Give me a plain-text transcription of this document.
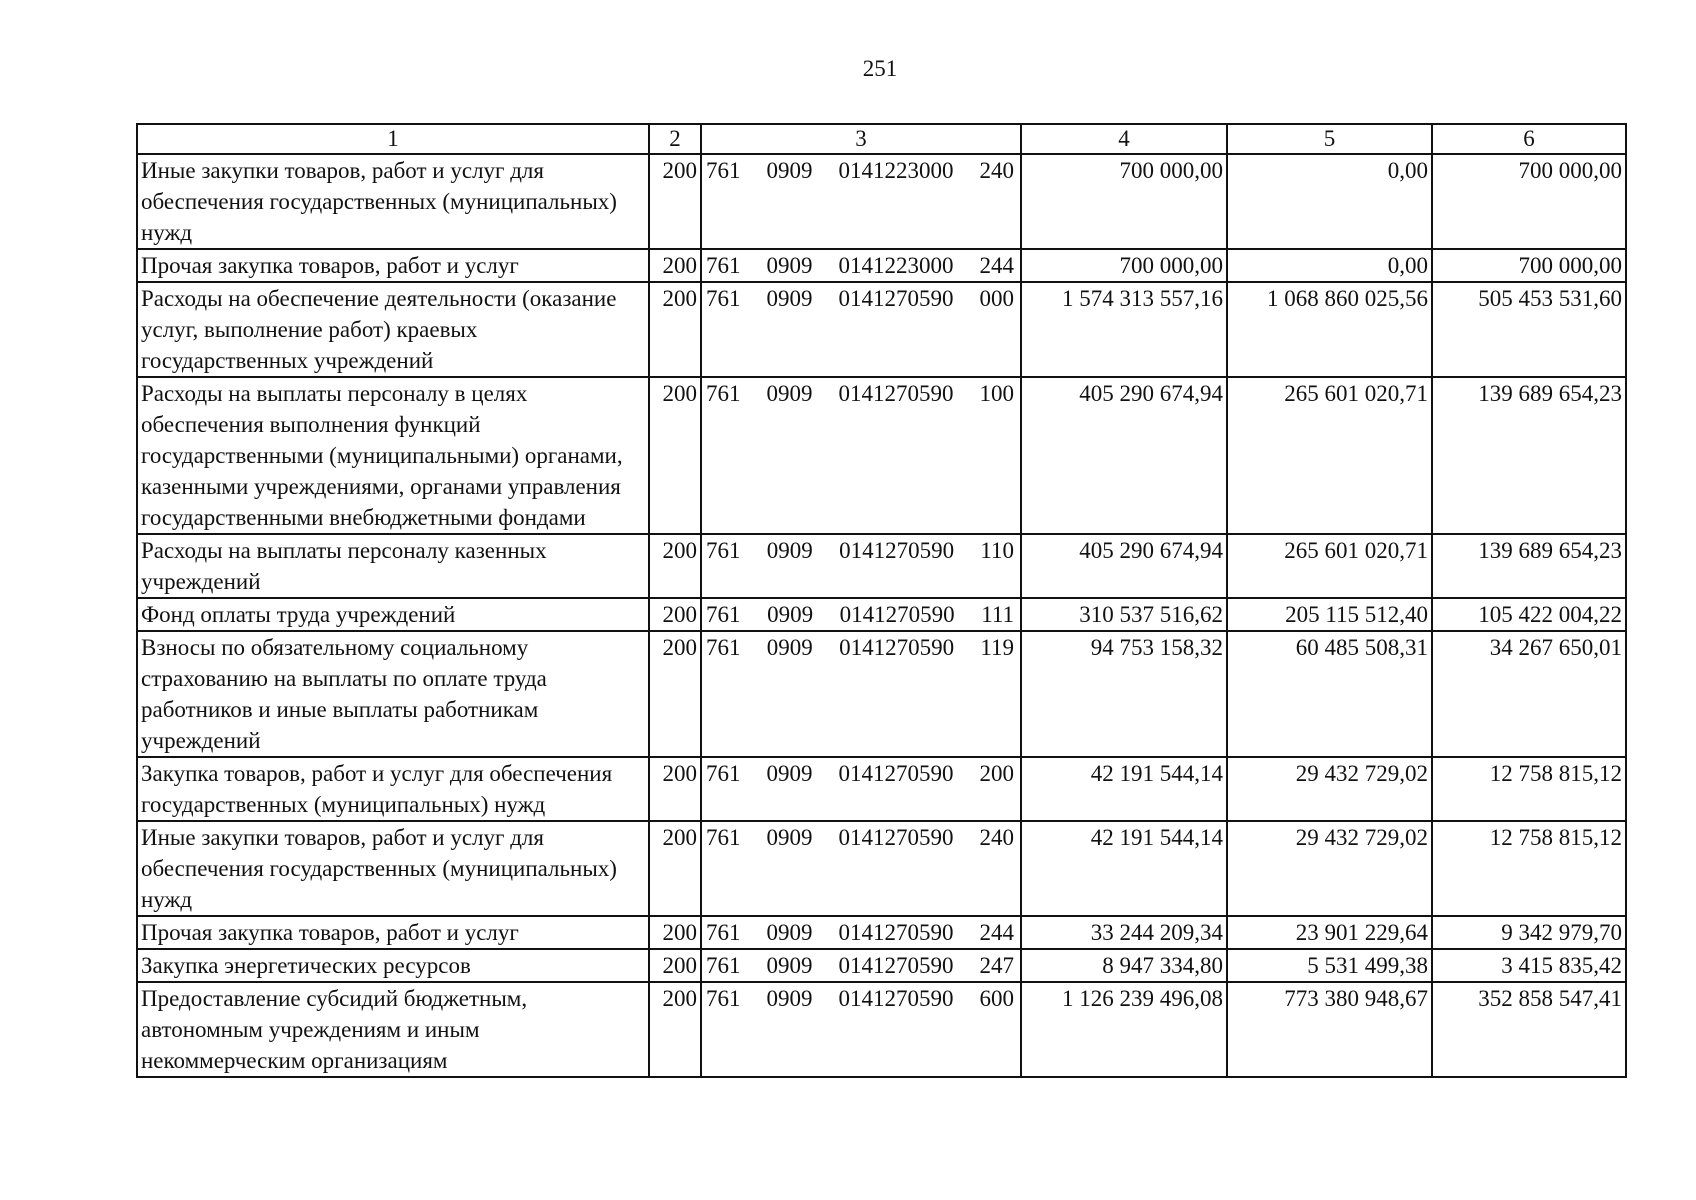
251
1	2	3	4	5	6
Иные закупки товаров, работ и услуг для обеспечения государственных (муниципальных) нужд	200	761 0909 0141223000 240	700 000,00	0,00	700 000,00
Прочая закупка товаров, работ и услуг	200	761 0909 0141223000 244	700 000,00	0,00	700 000,00
Расходы на обеспечение деятельности (оказание услуг, выполнение работ) краевых государственных учреждений	200	761 0909 0141270590 000	1 574 313 557,16	1 068 860 025,56	505 453 531,60
Расходы на выплаты персоналу в целях обеспечения выполнения функций государственными (муниципальными) органами, казенными учреждениями, органами управления государственными внебюджетными фондами	200	761 0909 0141270590 100	405 290 674,94	265 601 020,71	139 689 654,23
Расходы на выплаты персоналу казенных учреждений	200	761 0909 0141270590 110	405 290 674,94	265 601 020,71	139 689 654,23
Фонд оплаты труда учреждений	200	761 0909 0141270590 111	310 537 516,62	205 115 512,40	105 422 004,22
Взносы по обязательному социальному страхованию на выплаты по оплате труда работников и иные выплаты работникам учреждений	200	761 0909 0141270590 119	94 753 158,32	60 485 508,31	34 267 650,01
Закупка товаров, работ и услуг для обеспечения государственных (муниципальных) нужд	200	761 0909 0141270590 200	42 191 544,14	29 432 729,02	12 758 815,12
Иные закупки товаров, работ и услуг для обеспечения государственных (муниципальных) нужд	200	761 0909 0141270590 240	42 191 544,14	29 432 729,02	12 758 815,12
Прочая закупка товаров, работ и услуг	200	761 0909 0141270590 244	33 244 209,34	23 901 229,64	9 342 979,70
Закупка энергетических ресурсов	200	761 0909 0141270590 247	8 947 334,80	5 531 499,38	3 415 835,42
Предоставление субсидий бюджетным, автономным учреждениям и иным некоммерческим организациям	200	761 0909 0141270590 600	1 126 239 496,08	773 380 948,67	352 858 547,41
